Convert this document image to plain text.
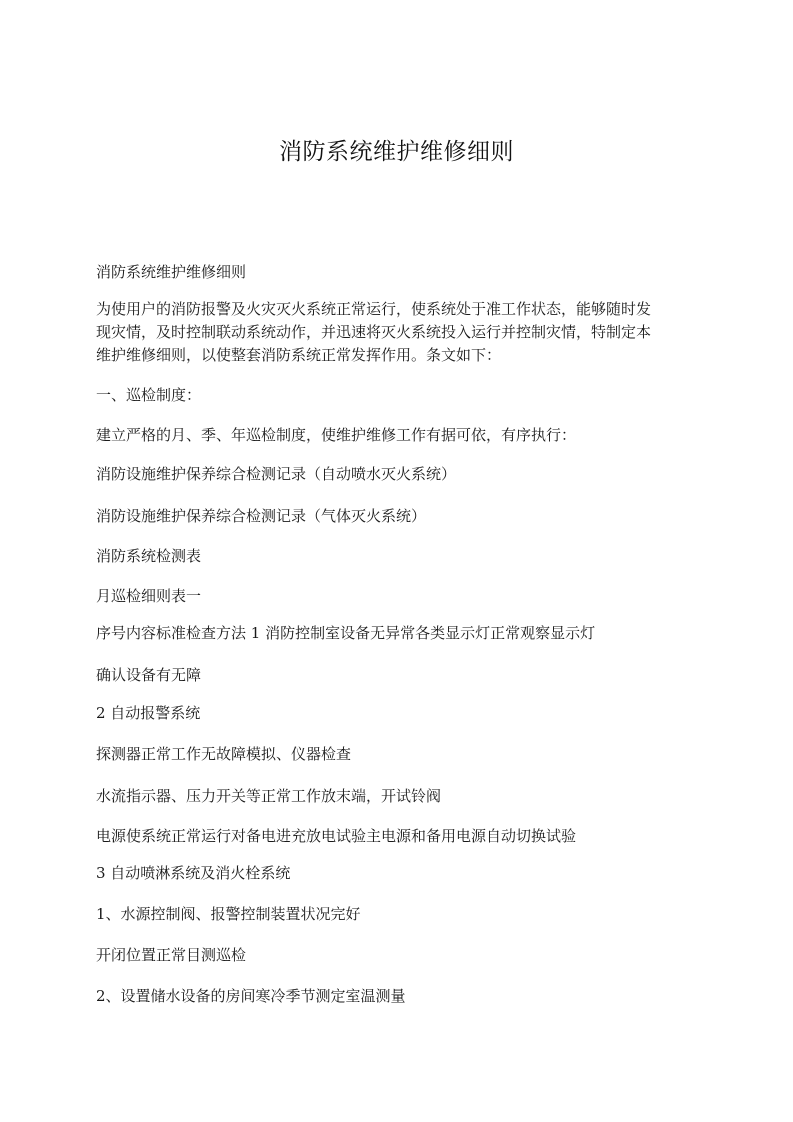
消防系统维护维修细则
消防系统维护维修细则
为使用户的消防报警及火灾灭火系统正常运行，使系统处于准工作状态，能够随时发
现灾情，及时控制联动系统动作，并迅速将灭火系统投入运行并控制灾情，特制定本
维护维修细则，以使整套消防系统正常发挥作用。条文如下：
一、巡检制度：
建立严格的月、季、年巡检制度，使维护维修工作有据可依，有序执行：
消防设施维护保养综合检测记录（自动喷水灭火系统）
消防设施维护保养综合检测记录（气体灭火系统）
消防系统检测表
月巡检细则表一
序号内容标准检查方法 1 消防控制室设备无异常各类显示灯正常观察显示灯
确认设备有无障
2 自动报警系统
探测器正常工作无故障模拟、仪器检查
水流指示器、压力开关等正常工作放末端，开试铃阀
电源使系统正常运行对备电进充放电试验主电源和备用电源自动切换试验
3 自动喷淋系统及消火栓系统
1、水源控制阀、报警控制装置状况完好
开闭位置正常目测巡检
2、设置储水设备的房间寒冷季节测定室温测量
